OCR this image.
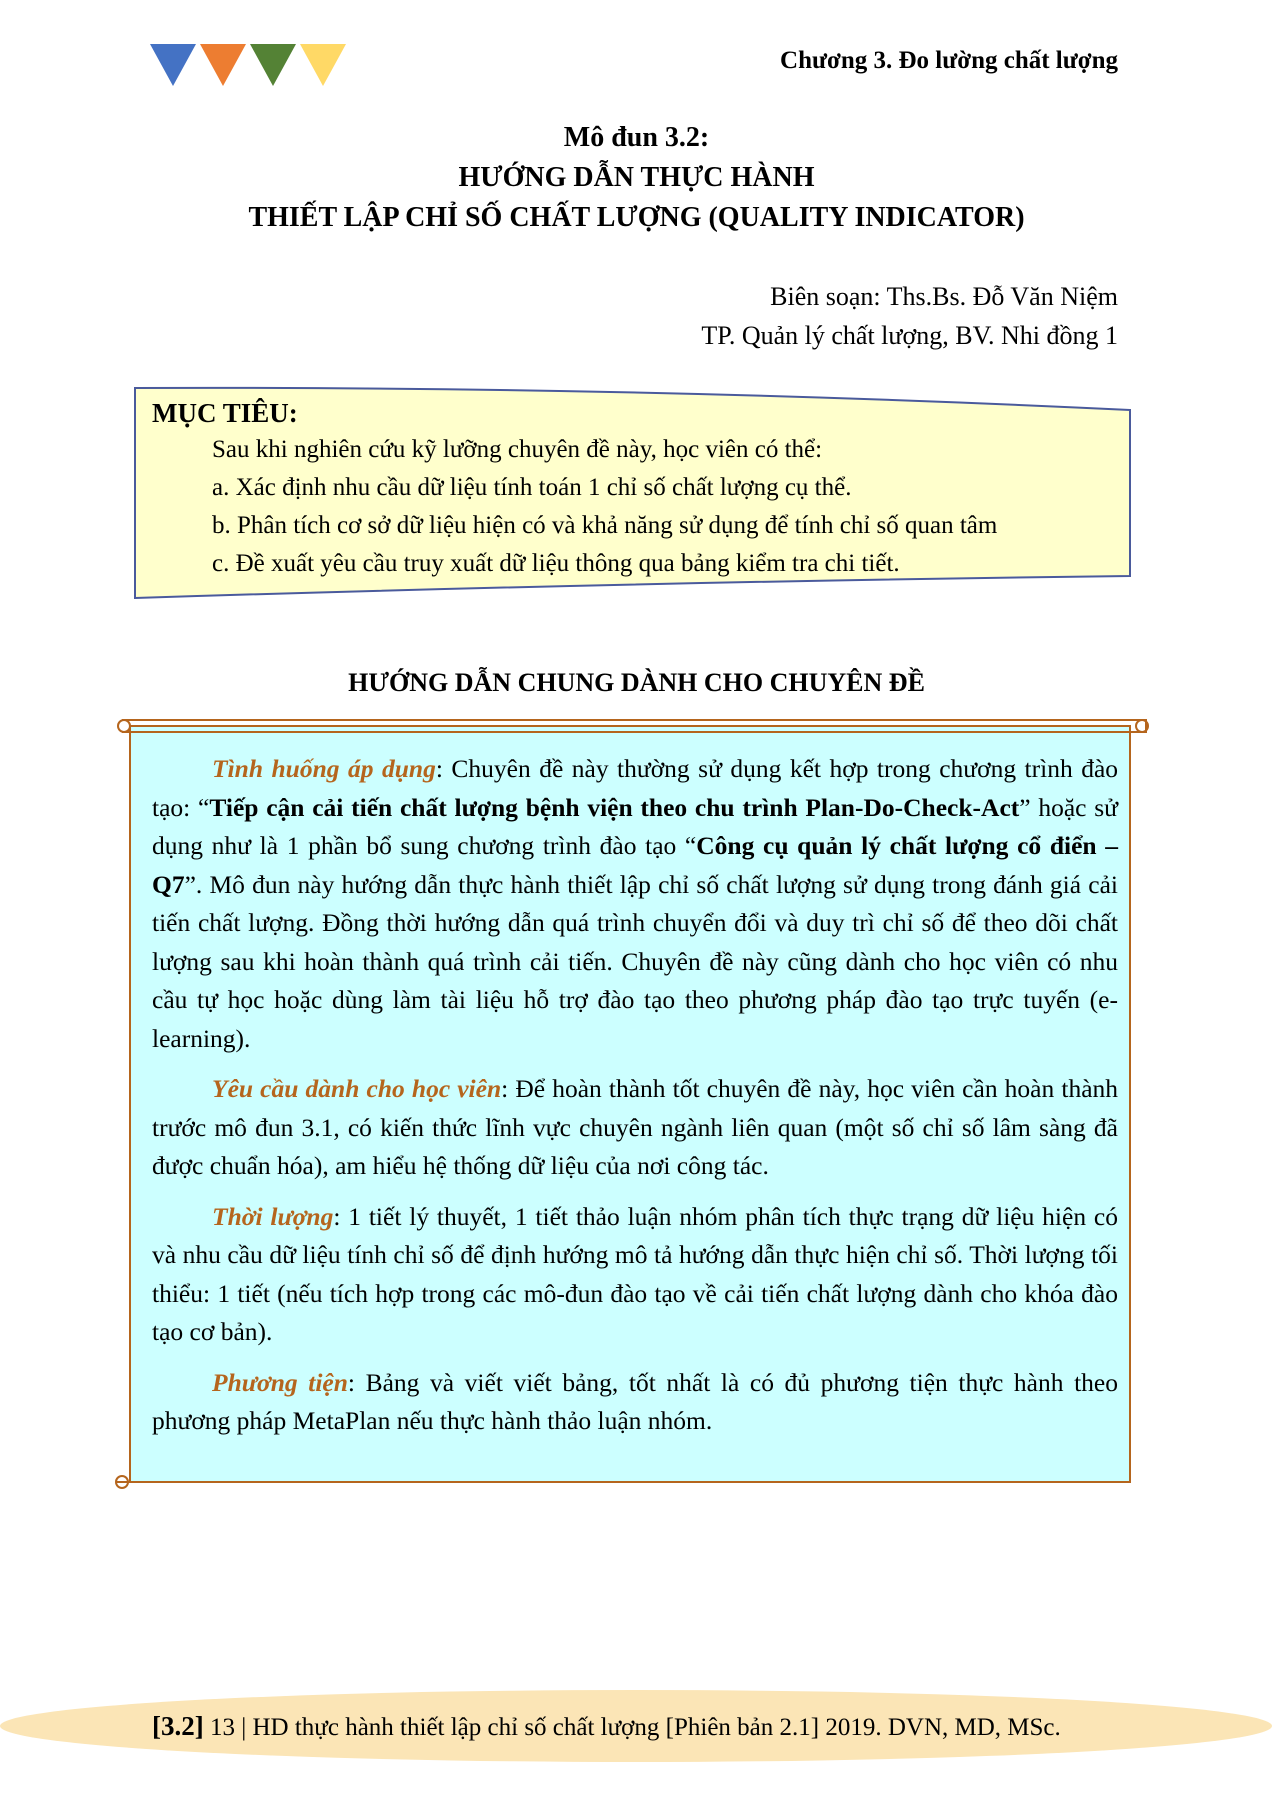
Chương 3. Đo lường chất lượng
Mô đun 3.2:
HƯỚNG DẪN THỰC HÀNH
THIẾT LẬP CHỈ SỐ CHẤT LƯỢNG (QUALITY INDICATOR)
Biên soạn: Ths.Bs. Đỗ Văn Niệm
TP. Quản lý chất lượng, BV. Nhi đồng 1
MỤC TIÊU:
Sau khi nghiên cứu kỹ lưỡng chuyên đề này, học viên có thể:
a. Xác định nhu cầu dữ liệu tính toán 1 chỉ số chất lượng cụ thể.
b. Phân tích cơ sở dữ liệu hiện có và khả năng sử dụng để tính chỉ số quan tâm
c. Đề xuất yêu cầu truy xuất dữ liệu thông qua bảng kiểm tra chi tiết.
HƯỚNG DẪN CHUNG DÀNH CHO CHUYÊN ĐỀ

Tình huống áp dụng: Chuyên đề này thường sử dụng kết hợp trong chương trình đào tạo: “Tiếp cận cải tiến chất lượng bệnh viện theo chu trình Plan-Do-Check-Act” hoặc sử dụng như là 1 phần bổ sung chương trình đào tạo “Công cụ quản lý chất lượng cổ điển – Q7”. Mô đun này hướng dẫn thực hành thiết lập chỉ số chất lượng sử dụng trong đánh giá cải tiến chất lượng. Đồng thời hướng dẫn quá trình chuyển đổi và duy trì chỉ số để theo dõi chất lượng sau khi hoàn thành quá trình cải tiến. Chuyên đề này cũng dành cho học viên có nhu cầu tự học hoặc dùng làm tài liệu hỗ trợ đào tạo theo phương pháp đào tạo trực tuyến (e-learning).

Yêu cầu dành cho học viên: Để hoàn thành tốt chuyên đề này, học viên cần hoàn thành trước mô đun 3.1, có kiến thức lĩnh vực chuyên ngành liên quan (một số chỉ số lâm sàng đã được chuẩn hóa), am hiểu hệ thống dữ liệu của nơi công tác.

Thời lượng: 1 tiết lý thuyết, 1 tiết thảo luận nhóm phân tích thực trạng dữ liệu hiện có và nhu cầu dữ liệu tính chỉ số để định hướng mô tả hướng dẫn thực hiện chỉ số. Thời lượng tối thiểu: 1 tiết (nếu tích hợp trong các mô-đun đào tạo về cải tiến chất lượng dành cho khóa đào tạo cơ bản).

Phương tiện: Bảng và viết viết bảng, tốt nhất là có đủ phương tiện thực hành theo phương pháp MetaPlan nếu thực hành thảo luận nhóm.

[3.2] 13 | HD thực hành thiết lập chỉ số chất lượng [Phiên bản 2.1] 2019. DVN, MD, MSc.
